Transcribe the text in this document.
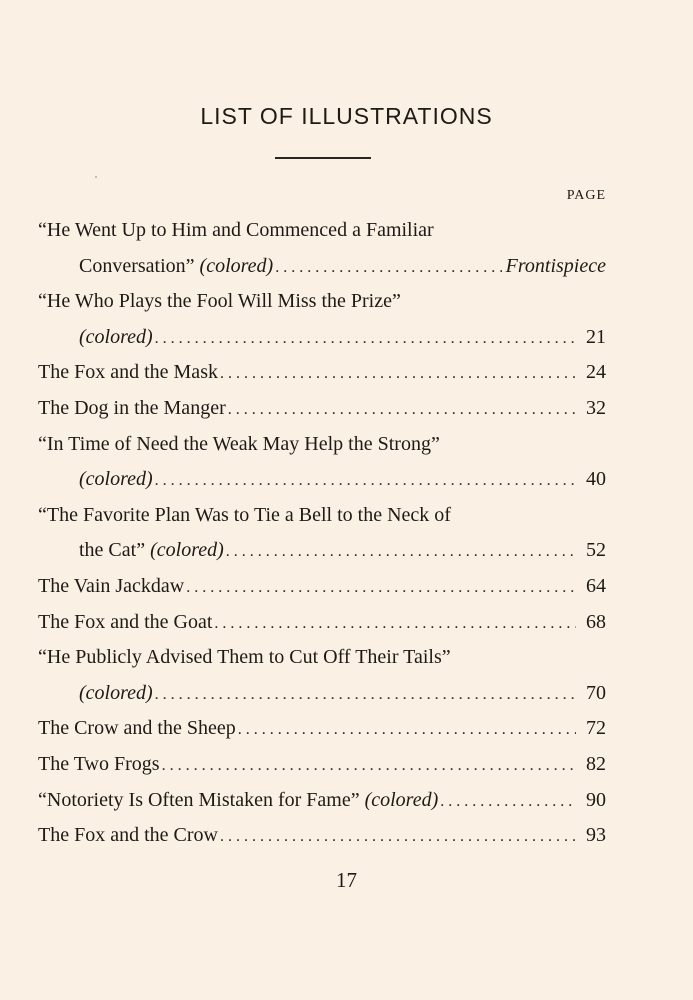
LIST OF ILLUSTRATIONS
PAGE
“He Went Up to Him and Commenced a Familiar
Conversation”
(colored) . . .	Frontispiece
“He Who Plays the Fool Will Miss the Prize”
(colored) . . .	21
The Fox and the Mask . . .	24
The Dog in the Manger . . .	32
“In Time of Need the Weak May Help the Strong”
(colored) . . .	40
“The Favorite Plan Was to Tie a Bell to the Neck of
the Cat”
(colored) . . .	52
The Vain Jackdaw . . .	64
The Fox and the Goat . . .	68
“He Publicly Advised Them to Cut Off Their Tails”
(colored) . . .	70
The Crow and the Sheep . . .	72
The Two Frogs . . .	82
“Notoriety Is Often Mistaken for Fame”
(colored) . . .	90
The Fox and the Crow . . .	93
17
